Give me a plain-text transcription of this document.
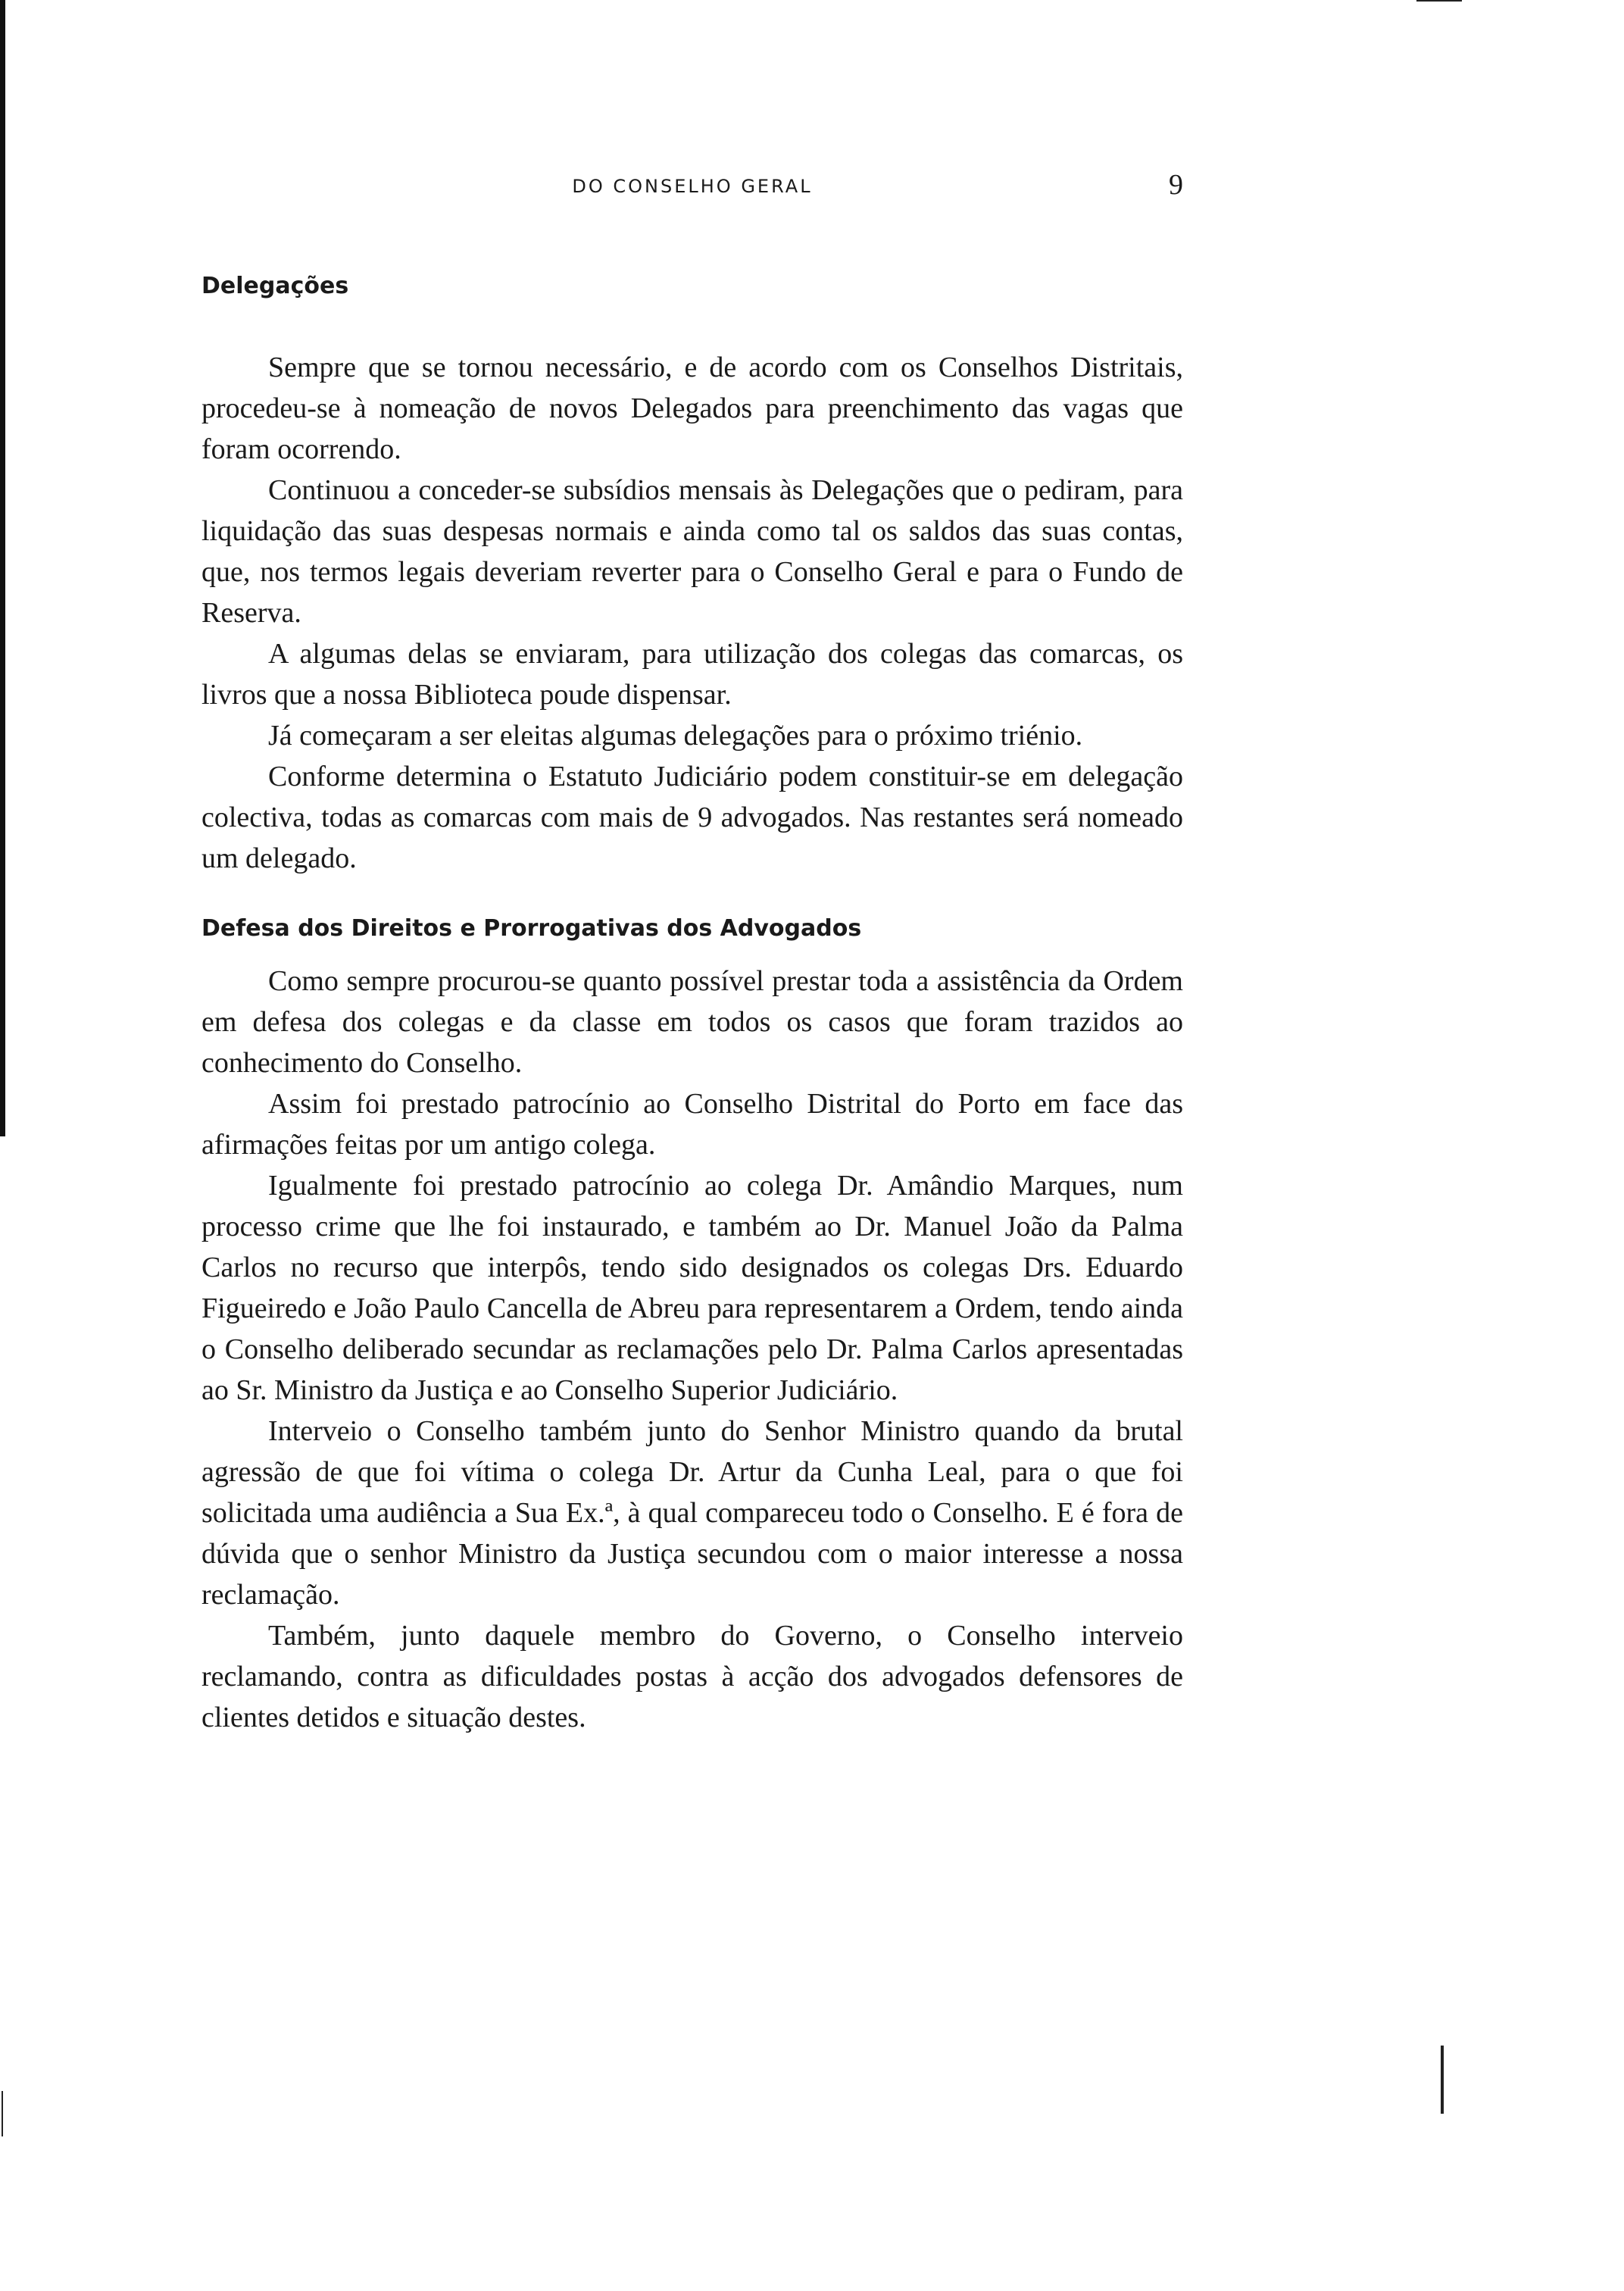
DO CONSELHO GERAL	9
Delegações

Sempre que se tornou necessário, e de acordo com os Conselhos Distritais, procedeu-se à nomeação de novos Delegados para preenchimento das vagas que foram ocorrendo.

Continuou a conceder-se subsídios mensais às Delegações que o pediram, para liquidação das suas despesas normais e ainda como tal os saldos das suas contas, que, nos termos legais deveriam reverter para o Conselho Geral e para o Fundo de Reserva.

A algumas delas se enviaram, para utilização dos colegas das comarcas, os livros que a nossa Biblioteca poude dispensar.

Já começaram a ser eleitas algumas delegações para o próximo triénio.

Conforme determina o Estatuto Judiciário podem constituir-se em delegação colectiva, todas as comarcas com mais de 9 advogados. Nas restantes será nomeado um delegado.

Defesa dos Direitos e Prorrogativas dos Advogados

Como sempre procurou-se quanto possível prestar toda a assistência da Ordem em defesa dos colegas e da classe em todos os casos que foram trazidos ao conhecimento do Conselho.

Assim foi prestado patrocínio ao Conselho Distrital do Porto em face das afirmações feitas por um antigo colega.

Igualmente foi prestado patrocínio ao colega Dr. Amândio Marques, num processo crime que lhe foi instaurado, e também ao Dr. Manuel João da Palma Carlos no recurso que interpôs, tendo sido designados os colegas Drs. Eduardo Figueiredo e João Paulo Cancella de Abreu para representarem a Ordem, tendo ainda o Conselho deliberado secundar as reclamações pelo Dr. Palma Carlos apresentadas ao Sr. Ministro da Justiça e ao Conselho Superior Judiciário.

Interveio o Conselho também junto do Senhor Ministro quando da brutal agressão de que foi vítima o colega Dr. Artur da Cunha Leal, para o que foi solicitada uma audiência a Sua Ex.ª, à qual compareceu todo o Conselho. E é fora de dúvida que o senhor Ministro da Justiça secundou com o maior interesse a nossa reclamação.

Também, junto daquele membro do Governo, o Conselho interveio reclamando, contra as dificuldades postas à acção dos advogados defensores de clientes detidos e situação destes.
